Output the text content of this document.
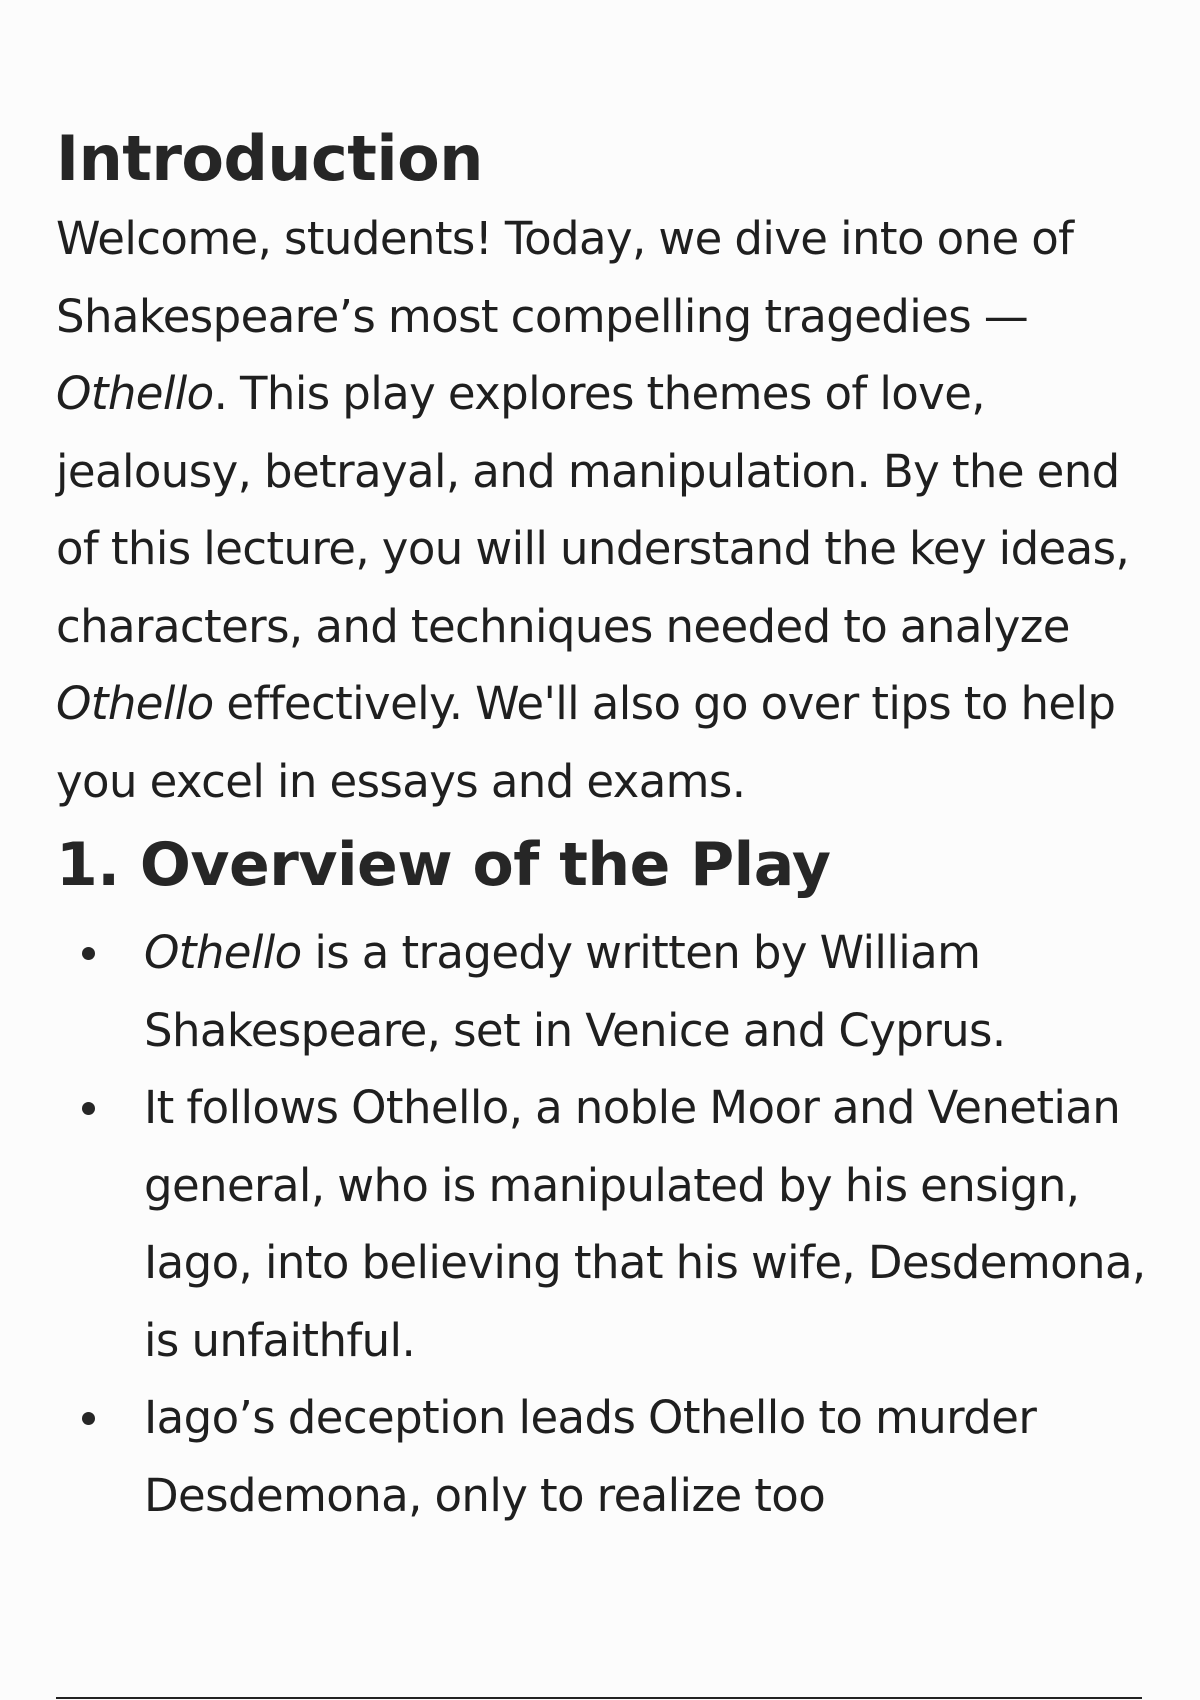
Introduction

Welcome, students! Today, we dive into one of Shakespeare’s most compelling tragedies —Othello. This play explores themes of love, jealousy, betrayal, and manipulation. By the end of this lecture, you will understand the key ideas, characters, and techniques needed to analyze Othello effectively. We'll also go over tips to help you excel in essays and exams.

1. Overview of the Play
Othello is a tragedy written by William Shakespeare, set in Venice and Cyprus.
It follows Othello, a noble Moor and Venetian general, who is manipulated by his ensign, Iago, into believing that his wife, Desdemona, is unfaithful.
Iago’s deception leads Othello to murder Desdemona, only to realize too
